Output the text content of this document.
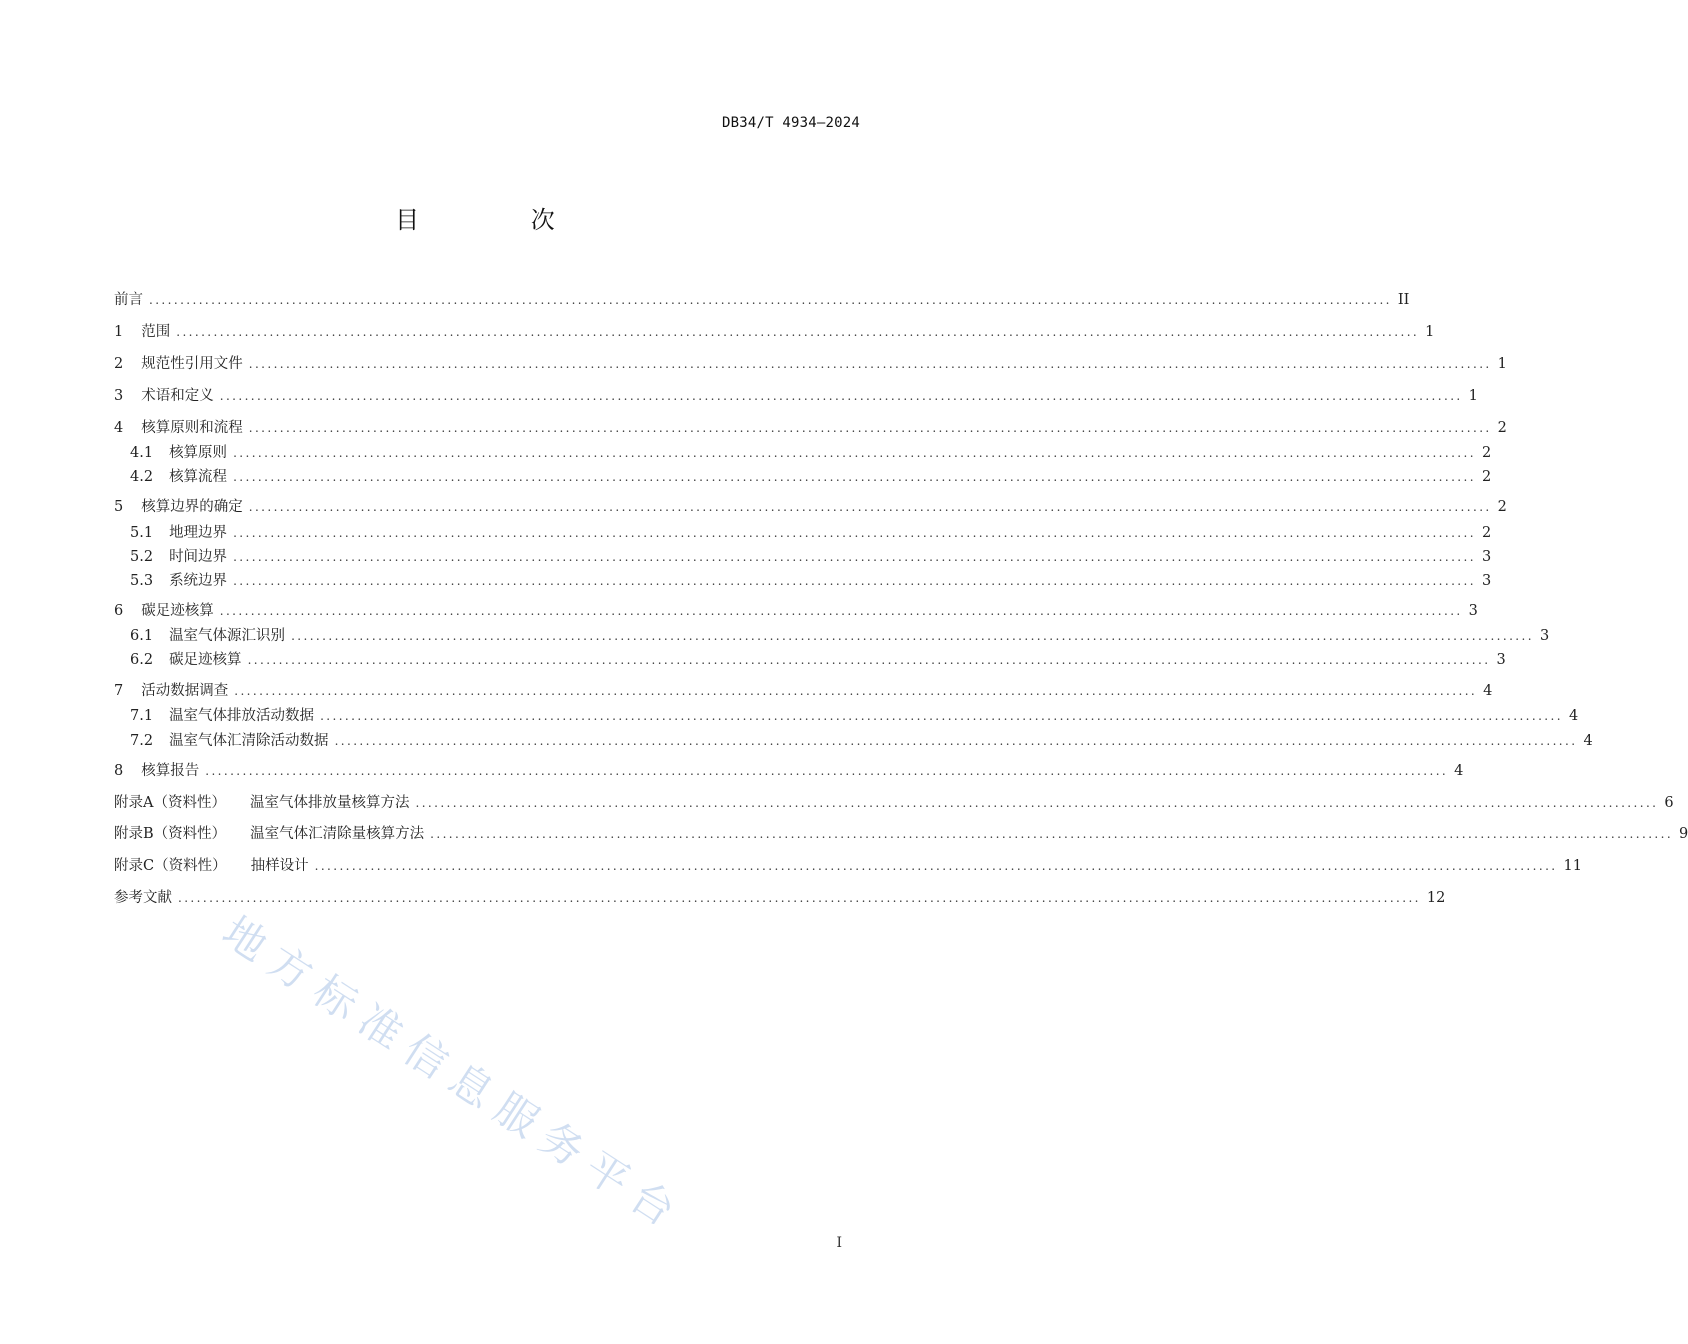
DB34/T 4934—2024
目 次
前言 ........................................................................................................................................................................................................ II
1 范围 ........................................................................................................................................................................................................ 1
2 规范性引用文件 ........................................................................................................................................................................................................ 1
3 术语和定义 ........................................................................................................................................................................................................ 1
4 核算原则和流程 ........................................................................................................................................................................................................ 2
4.1 核算原则 ........................................................................................................................................................................................................ 2
4.2 核算流程 ........................................................................................................................................................................................................ 2
5 核算边界的确定 ........................................................................................................................................................................................................ 2
5.1 地理边界 ........................................................................................................................................................................................................ 2
5.2 时间边界 ........................................................................................................................................................................................................ 3
5.3 系统边界 ........................................................................................................................................................................................................ 3
6 碳足迹核算 ........................................................................................................................................................................................................ 3
6.1 温室气体源汇识别 ........................................................................................................................................................................................................ 3
6.2 碳足迹核算 ........................................................................................................................................................................................................ 3
7 活动数据调查 ........................................................................................................................................................................................................ 4
7.1 温室气体排放活动数据 ........................................................................................................................................................................................................ 4
7.2 温室气体汇清除活动数据 ........................................................................................................................................................................................................ 4
8 核算报告 ........................................................................................................................................................................................................ 4
附录A（资料性） 温室气体排放量核算方法 ........................................................................................................................................................................................................ 6
附录B（资料性） 温室气体汇清除量核算方法 ........................................................................................................................................................................................................ 9
附录C（资料性） 抽样设计 ........................................................................................................................................................................................................ 11
参考文献 ........................................................................................................................................................................................................ 12
I
地方标准信息服务平台
